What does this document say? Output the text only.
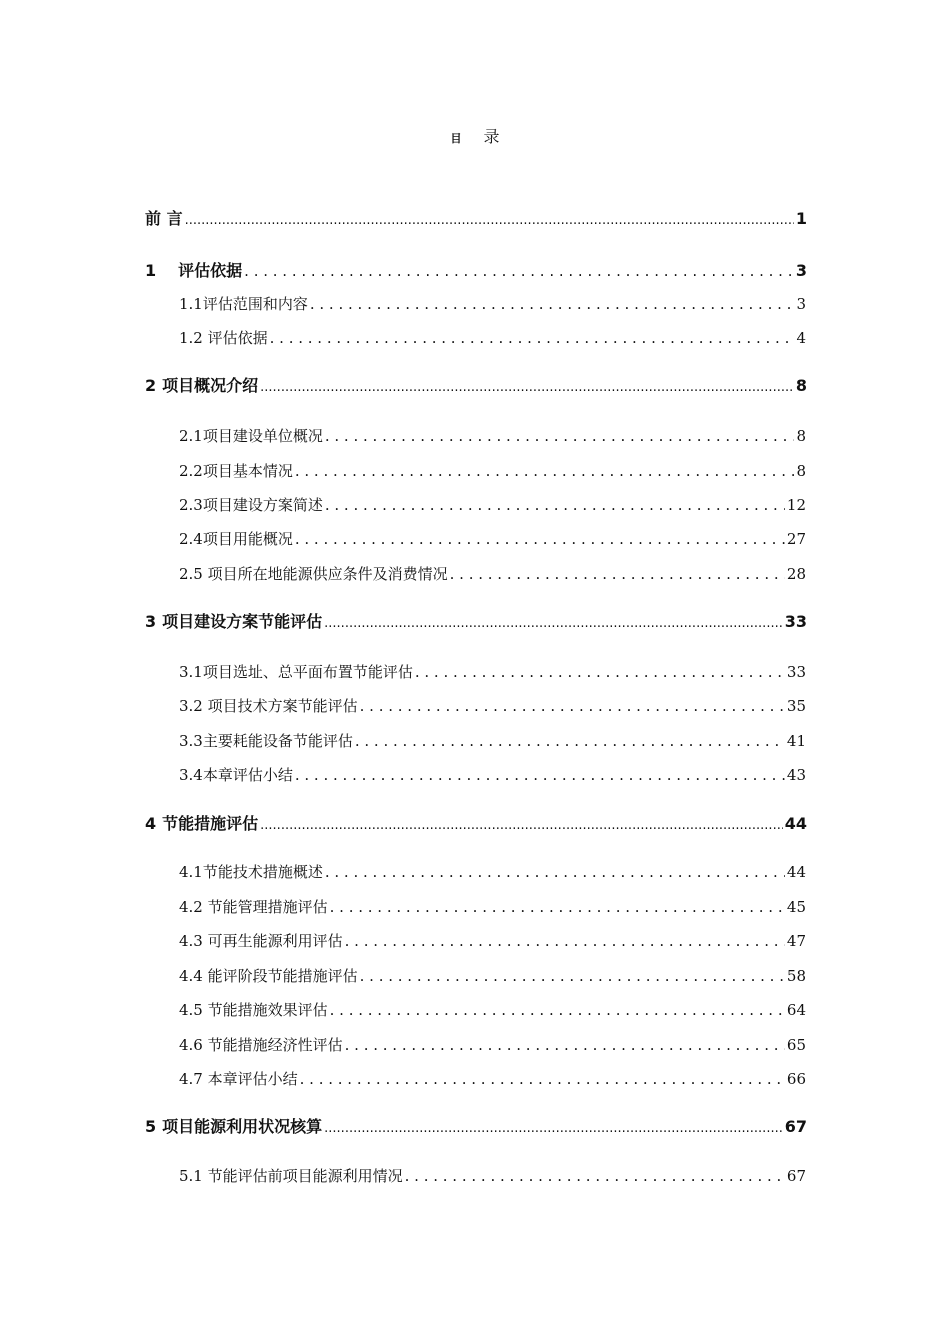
目 录
前 言 .....	1
1 评估依据 . . .	3
1.1评估范围和内容 . . .	3
1.2 评估依据 . . .	4
2 项目概况介绍 .....	8
2.1项目建设单位概况 . . .	8
2.2项目基本情况 . . .	8
2.3项目建设方案简述 . . .	12
2.4项目用能概况 . . .	27
2.5 项目所在地能源供应条件及消费情况 . . .	28
3 项目建设方案节能评估 .....	33
3.1项目选址、总平面布置节能评估 . . .	33
3.2 项目技术方案节能评估 . . .	35
3.3主要耗能设备节能评估 . . .	41
3.4本章评估小结 . . .	43
4 节能措施评估 .....	44
4.1节能技术措施概述 . . .	44
4.2 节能管理措施评估 . . .	45
4.3 可再生能源利用评估 . . .	47
4.4 能评阶段节能措施评估 . . .	58
4.5 节能措施效果评估 . . .	64
4.6 节能措施经济性评估 . . .	65
4.7 本章评估小结 . . .	66
5 项目能源利用状况核算 .....	67
5.1 节能评估前项目能源利用情况 . . .	67
